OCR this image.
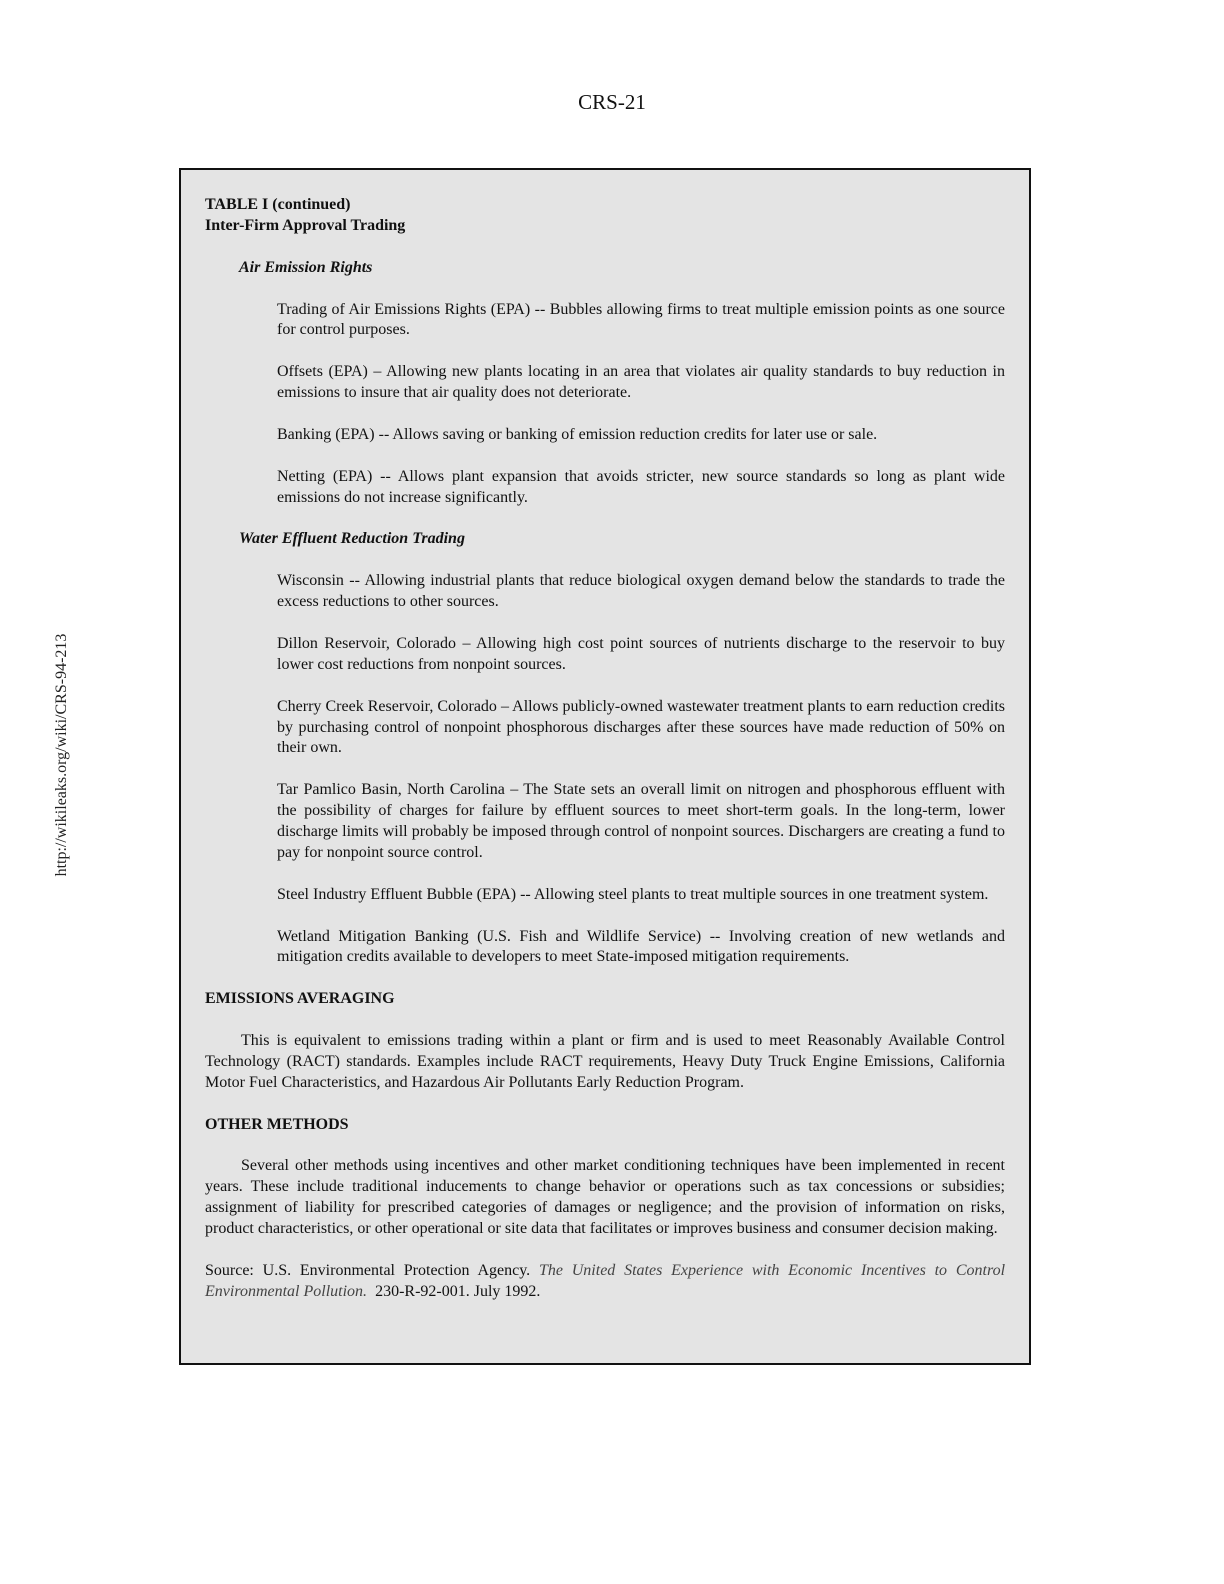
CRS-21
http://wikileaks.org/wiki/CRS-94-213

TABLE I (continued)

Inter-Firm Approval Trading

Air Emission Rights

Trading of Air Emissions Rights (EPA) -- Bubbles allowing firms to treat multiple emission points as one source for control purposes.

Offsets (EPA) – Allowing new plants locating in an area that violates air quality standards to buy reduction in emissions to insure that air quality does not deteriorate.

Banking (EPA) -- Allows saving or banking of emission reduction credits for later use or sale.

Netting (EPA) -- Allows plant expansion that avoids stricter, new source standards so long as plant wide emissions do not increase significantly.

Water Effluent Reduction Trading

Wisconsin -- Allowing industrial plants that reduce biological oxygen demand below the standards to trade the excess reductions to other sources.

Dillon Reservoir, Colorado – Allowing high cost point sources of nutrients discharge to the reservoir to buy lower cost reductions from nonpoint sources.

Cherry Creek Reservoir, Colorado – Allows publicly-owned wastewater treatment plants to earn reduction credits by purchasing control of nonpoint phosphorous discharges after these sources have made reduction of 50% on their own.

Tar Pamlico Basin, North Carolina – The State sets an overall limit on nitrogen and phosphorous effluent with the possibility of charges for failure by effluent sources to meet short-term goals. In the long-term, lower discharge limits will probably be imposed through control of nonpoint sources. Dischargers are creating a fund to pay for nonpoint source control.

Steel Industry Effluent Bubble (EPA) -- Allowing steel plants to treat multiple sources in one treatment system.

Wetland Mitigation Banking (U.S. Fish and Wildlife Service) -- Involving creation of new wetlands and mitigation credits available to developers to meet State-imposed mitigation requirements.

EMISSIONS AVERAGING

This is equivalent to emissions trading within a plant or firm and is used to meet Reasonably Available Control Technology (RACT) standards. Examples include RACT requirements, Heavy Duty Truck Engine Emissions, California Motor Fuel Characteristics, and Hazardous Air Pollutants Early Reduction Program.

OTHER METHODS

Several other methods using incentives and other market conditioning techniques have been implemented in recent years. These include traditional inducements to change behavior or operations such as tax concessions or subsidies; assignment of liability for prescribed categories of damages or negligence; and the provision of information on risks, product characteristics, or other operational or site data that facilitates or improves business and consumer decision making.

Source: U.S. Environmental Protection Agency. The United States Experience with Economic Incentives to Control Environmental Pollution. 230-R-92-001. July 1992.
